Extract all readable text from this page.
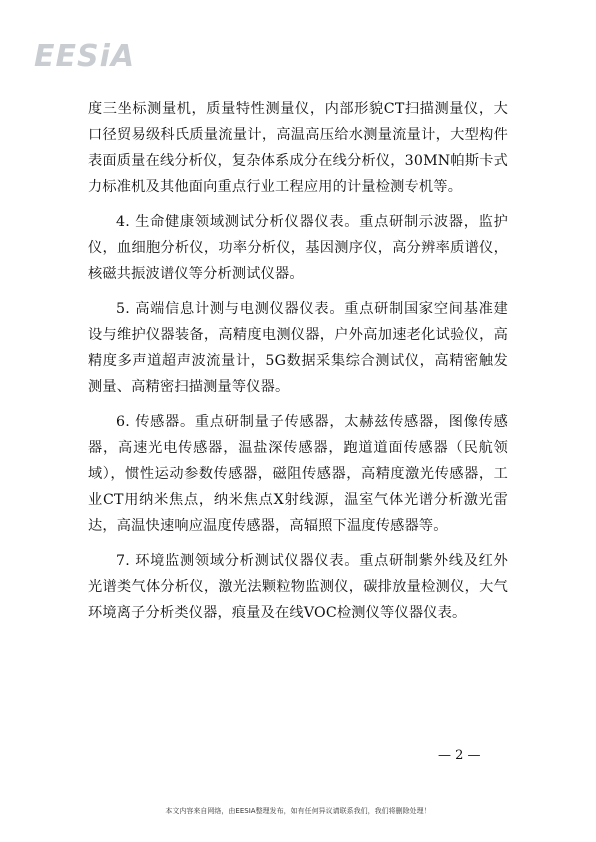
EESiA

度三坐标测量机，质量特性测量仪，内部形貌CT扫描测量仪，大口径贸易级科氏质量流量计，高温高压给水测量流量计，大型构件表面质量在线分析仪，复杂体系成分在线分析仪，30MN帕斯卡式力标准机及其他面向重点行业工程应用的计量检测专机等。

4. 生命健康领域测试分析仪器仪表。重点研制示波器，监护仪，血细胞分析仪，功率分析仪，基因测序仪，高分辨率质谱仪，核磁共振波谱仪等分析测试仪器。

5. 高端信息计测与电测仪器仪表。重点研制国家空间基准建设与维护仪器装备，高精度电测仪器，户外高加速老化试验仪，高精度多声道超声波流量计，5G数据采集综合测试仪，高精密触发测量、高精密扫描测量等仪器。

6. 传感器。重点研制量子传感器，太赫兹传感器，图像传感器，高速光电传感器，温盐深传感器，跑道道面传感器（民航领域），惯性运动参数传感器，磁阻传感器，高精度激光传感器，工业CT用纳米焦点，纳米焦点X射线源，温室气体光谱分析激光雷达，高温快速响应温度传感器，高辐照下温度传感器等。

7. 环境监测领域分析测试仪器仪表。重点研制紫外线及红外光谱类气体分析仪，激光法颗粒物监测仪，碳排放量检测仪，大气环境离子分析类仪器，痕量及在线VOC检测仪等仪器仪表。

— 2 —
本文内容来自网络，由EESIA整理发布，如有任何异议请联系我们，我们将删除处理！
